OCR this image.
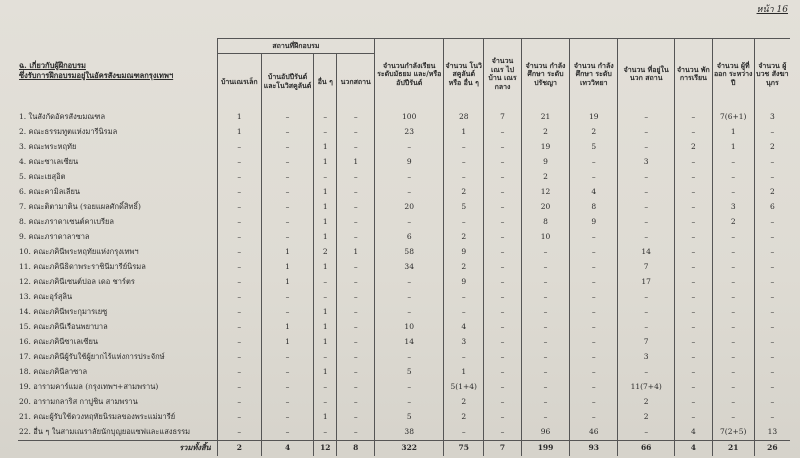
หน้า 16
ฉ. เกี่ยวกับผู้ฝึกอบรม
ซึ่งรับการฝึกอบรมอยู่ในอัครสังฆมณฑลกรุงเทพฯ	สถานที่ฝึกอบรม				จำนวนกำลังเรียน ระดับมัธยม และ/หรือ อัปปีรันต์	จำนวน โนวิสคูลันต์ หรือ อื่น ๆ	จำนวน เณร ไปบ้าน เณรกลาง	จำนวน กำลังศึกษา ระดับ ปรัชญา	จำนวน กำลังศึกษา ระดับ เทววิทยา	จำนวน ที่อยู่ใน นวก สถาน	จำนวน พัก การเรียน	จำนวน ผู้ที่ออก ระหว่างปี	จำนวน ผู้บวช สังฆานุกร
	บ้านเณรเล็ก	บ้านอัปปีรันต์ และโนวิสคูลันต์	อื่น ๆ	นวกสถาน									
1. ในสังกัดอัครสังฆมณฑล	1	–	–	–	100	28	7	21	19	–	–	7(6+1)	3
2. คณะธรรมทูตแห่งมารีนิรมล	1	–	–	–	23	1	–	2	2	–	–	1	–
3. คณะพระหฤทัย	–	–	1	–	–	–	–	19	5	–	2	1	2
4. คณะซาเลเซียน	–	–	1	1	9	–	–	9	–	3	–	–	–
5. คณะเยสุอิต	–	–	–	–	–	–	–	2	–	–	–	–	–
6. คณะคามิลเลียน	–	–	1	–	–	2	–	12	4	–	–	–	2
7. คณะติตามาติน (รอยแผลศักดิ์สิทธิ์)	–	–	1	–	20	5	–	20	8	–	–	3	6
8. คณะภราดาเซนต์คาเบรียล	–	–	1	–	–	–	–	8	9	–	–	2	–
9. คณะภราดาลาซาล	–	–	1	–	6	2	–	10	–	–	–	–	–
10. คณะภคินีพระหฤทัยแห่งกรุงเทพฯ	–	1	2	1	58	9	–	–	–	14	–	–	–
11. คณะภคินีธิดาพระราชินีมารีย์นิรมล	–	1	1	–	34	2	–	–	–	7	–	–	–
12. คณะภคินีเซนต์ปอล เดอ ชาร์ตร	–	1	–	–	–	9	–	–	–	17	–	–	–
13. คณะอุร์สุลิน	–	–	–	–	–	–	–	–	–	–	–	–	–
14. คณะภคินีพระกุมารเยซู	–	–	1	–	–	–	–	–	–	–	–	–	–
15. คณะภคินีเรือนพยาบาล	–	1	1	–	10	4	–	–	–	–	–	–	–
16. คณะภคินีซาเลเซียน	–	1	1	–	14	3	–	–	–	7	–	–	–
17. คณะภคินีผู้รับใช้ผู้ยากไร้แห่งการประจักษ์	–	–	–	–	–	–	–	–	–	3	–	–	–
18. คณะภคินีลาซาล	–	–	1	–	5	1	–	–	–	–	–	–	–
19. อารามคาร์แมล (กรุงเทพฯ+สามพราน)	–	–	–	–	–	5(1+4)	–	–	–	11(7+4)	–	–	–
20. อารามกลาริส กาปูชิน สามพราน	–	–	–	–	–	2	–	–	–	2	–	–	–
21. คณะผู้รับใช้ดวงหฤทัยนิรมลของพระแม่มารีย์	–	–	1	–	5	2	–	–	–	2	–	–	–
22. อื่น ๆ ในสามเณราลัยนักบุญยอแซฟและแสงธรรม	–	–	–	–	38	–	–	96	46	–	4	7(2+5)	13
รวมทั้งสิ้น	2	4	12	8	322	75	7	199	93	66	4	21	26
